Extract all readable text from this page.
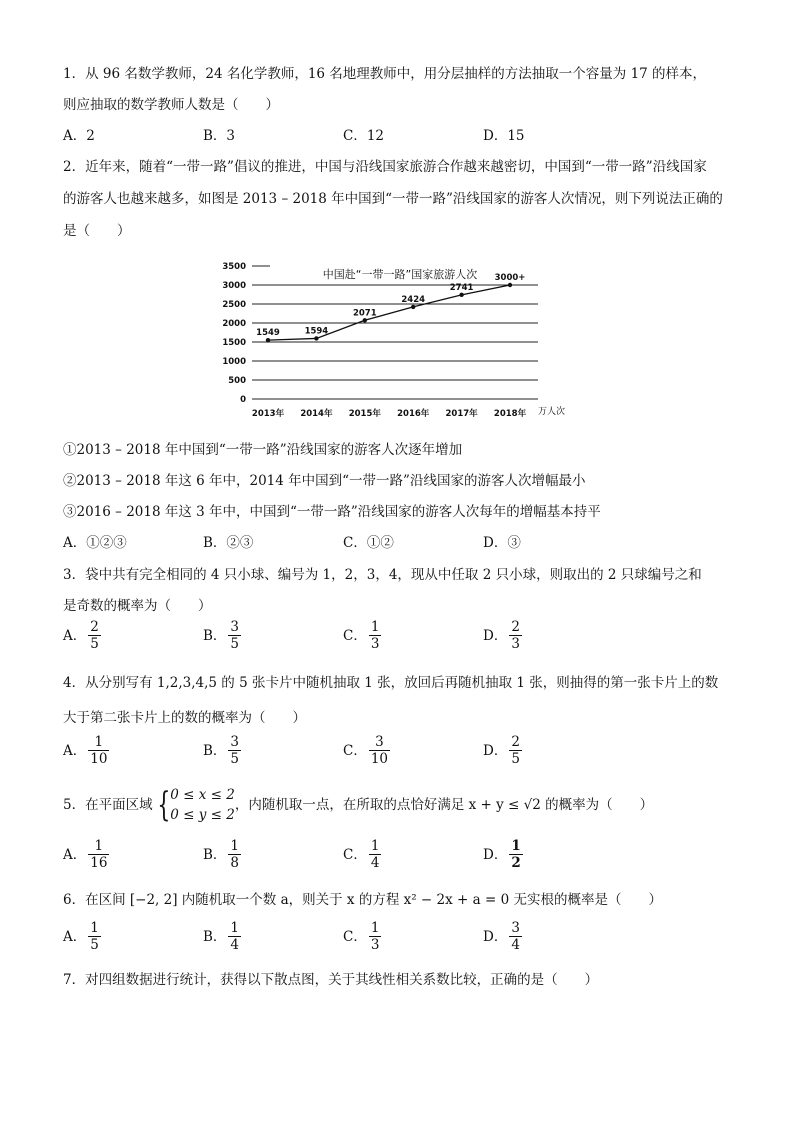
1．从 96 名数学教师，24 名化学教师，16 名地理教师中，用分层抽样的方法抽取一个容量为 17 的样本，
则应抽取的数学教师人数是（　　）
A．2	B．3	C．12	D．15
2．近年来，随着“一带一路”倡议的推进，中国与沿线国家旅游合作越来越密切，中国到“一带一路”沿线国家
的游客人也越来越多，如图是 2013 – 2018 年中国到“一带一路”沿线国家的游客人次情况，则下列说法正确的
是（　　）
中国赴“一带一路”国家旅游人次
0
500
1000
1500
2000
2500
3000
3500
2013年 2014年 2015年 2016年 2017年 2018年 万人次
1549	1594
2071
2424
2741
3000+
①2013 – 2018 年中国到“一带一路”沿线国家的游客人次逐年增加
②2013 – 2018 年这 6 年中，2014 年中国到“一带一路”沿线国家的游客人次增幅最小
③2016 – 2018 年这 3 年中，中国到“一带一路”沿线国家的游客人次每年的增幅基本持平
A．①②③	B．②③	C．①②	D．③
3．袋中共有完全相同的 4 只小球、编号为 1，2，3，4，现从中任取 2 只小球，则取出的 2 只球编号之和
是奇数的概率为（　　）
A． $\frac{2}{5}$	B． $\frac{3}{5}$	C． $\frac{1}{3}$	D． $\frac{2}{3}$
4．从分别写有 1,2,3,4,5 的 5 张卡片中随机抽取 1 张，放回后再随机抽取 1 张，则抽得的第一张卡片上的数
大于第二张卡片上的数的概率为（　　）
A． $\frac{1}{10}$	B． $\frac{3}{5}$	C． $\frac{3}{10}$	D． $\frac{2}{5}$
5．在平面区域 { 0 ≤ x ≤ 2
0 ≤ y ≤ 2
，内随机取一点，在所取的点恰好满足 x + y ≤ √2 的概率为（　　）
A． $\frac{1}{16}$	B． $\frac{1}{8}$	C． $\frac{1}{4}$	D． $\frac{1}{2}$
6．在区间 [−2, 2] 内随机取一个数 a，则关于 x 的方程 x² − 2x + a = 0 无实根的概率是（　　）
A． $\frac{1}{5}$	B． $\frac{1}{4}$	C． $\frac{1}{3}$	D． $\frac{3}{4}$
7．对四组数据进行统计，获得以下散点图，关于其线性相关系数比较，正确的是（　　）
